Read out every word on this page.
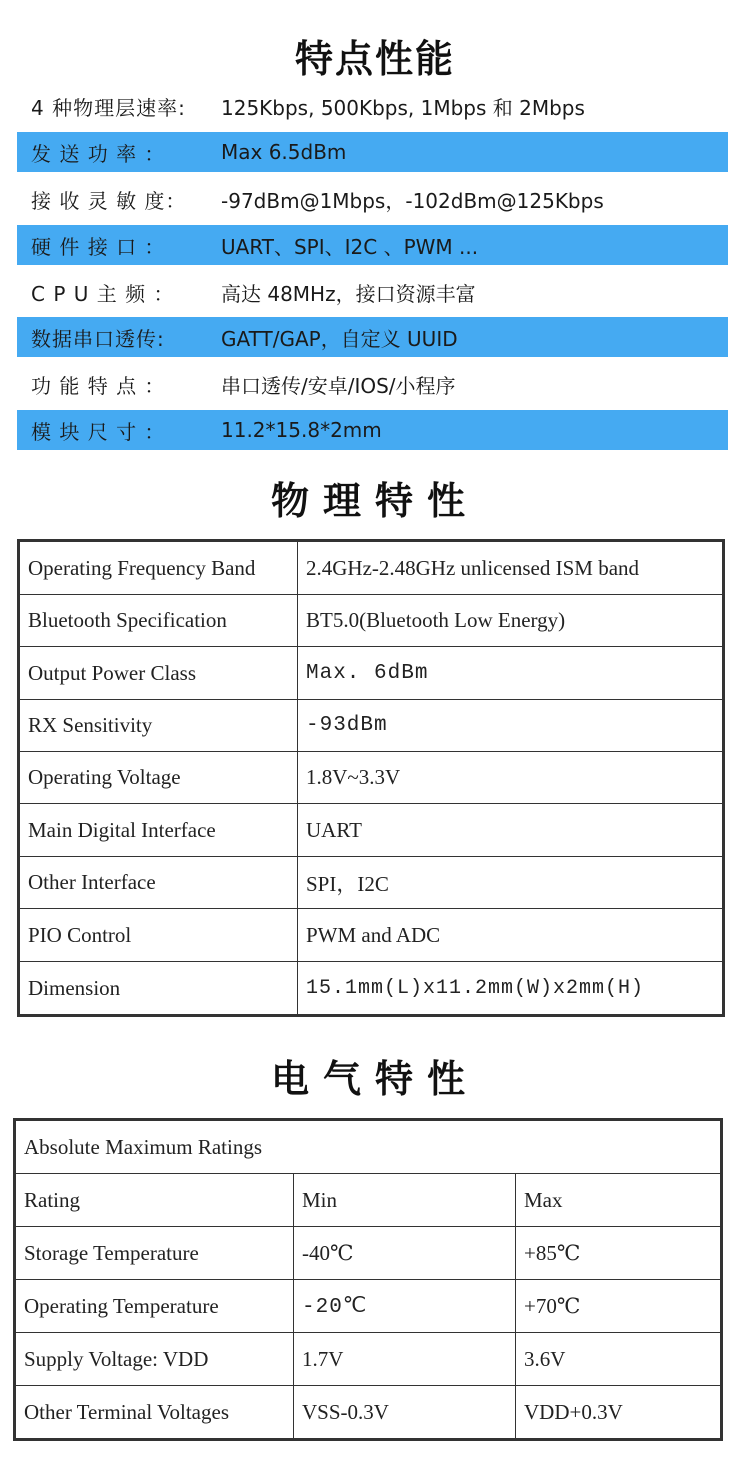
特点性能
4 种物理层速率:	125Kbps, 500Kbps, 1Mbps 和 2Mbps
发 送 功 率 ：	Max 6.5dBm
接 收 灵 敏 度：	-97dBm@1Mbps，-102dBm@125Kbps
硬 件 接 口 ：	UART、SPI、I2C 、PWM ...
C P U 主 频 ：	高达 48MHz，接口资源丰富
数据串口透传:	GATT/GAP，自定义 UUID
功 能 特 点 ：	串口透传/安卓/IOS/小程序
模 块 尺 寸 ：	11.2*15.8*2mm
物理特性
Operating Frequency Band	2.4GHz-2.48GHz unlicensed ISM band
Bluetooth Specification	BT5.0(Bluetooth Low Energy)
Output Power Class	Max. 6dBm
RX Sensitivity	-93dBm
Operating Voltage	1.8V~3.3V
Main Digital Interface	UART
Other Interface	SPI，I2C
PIO Control	PWM and ADC
Dimension	15.1mm(L)x11.2mm(W)x2mm(H)
电气特性
Absolute Maximum Ratings		
Rating	Min	Max
Storage Temperature	-40℃	+85℃
Operating Temperature	-20℃	+70℃
Supply Voltage: VDD	1.7V	3.6V
Other Terminal Voltages	VSS-0.3V	VDD+0.3V
